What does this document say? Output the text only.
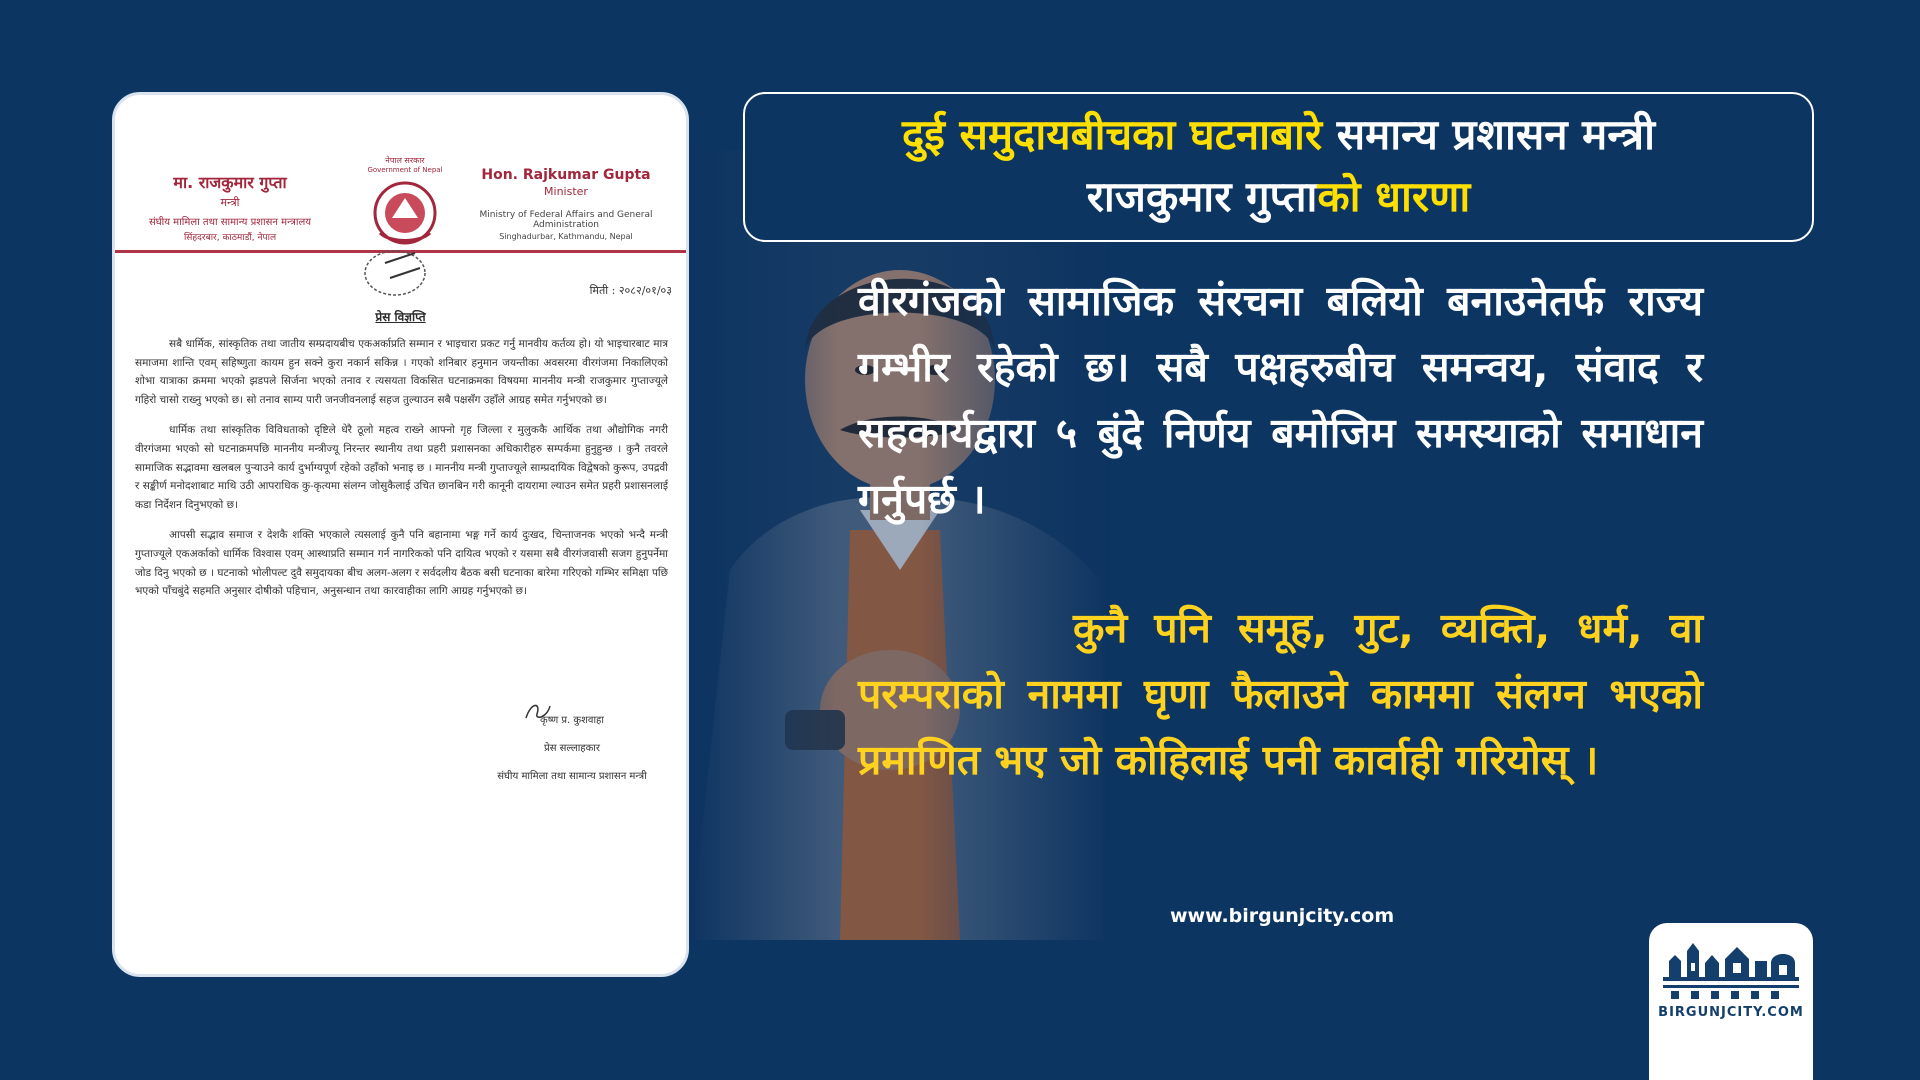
मा. राजकुमार गुप्ता
मन्त्री
संघीय मामिला तथा सामान्य प्रशासन मन्त्रालय
सिंहदरबार, काठमाडौं, नेपाल
नेपाल सरकार
Government of Nepal	Hon. Rajkumar Gupta
Minister
Ministry of Federal Affairs and General Administration
Singhadurbar, Kathmandu, Nepal
मिती : २०८२/०१/०३
प्रेस विज्ञप्ति

सबै धार्मिक, सांस्कृतिक तथा जातीय सम्प्रदायबीच एकअर्काप्रति सम्मान र भाइचारा प्रकट गर्नु मानवीय कर्तव्य हो। यो भाइचारबाट मात्र समाजमा शान्ति एवम् सहिष्णुता कायम हुन सक्ने कुरा नकार्न सकिन्न । गएको शनिबार हनुमान जयन्तीका अवसरमा वीरगंजमा निकालिएको शोभा यात्राका क्रममा भएको झडपले सिर्जना भएको तनाव र त्यसयता विकसित घटनाक्रमका विषयमा माननीय मन्त्री राजकुमार गुप्ताज्यूले गहिरो चासो राख्नु भएको छ। सो तनाव साम्य पारी जनजीवनलाई सहज तुल्याउन सबै पक्षसँग उहाँले आग्रह समेत गर्नुभएको छ।

धार्मिक तथा सांस्कृतिक विविधताको दृष्टिले धेरै ठूलो महत्व राख्ने आफ्नो गृह जिल्ला र मुलुककै आर्थिक तथा औद्योगिक नगरी वीरगंजमा भएको सो घटनाक्रमपछि माननीय मन्त्रीज्यू निरन्तर स्थानीय तथा प्रहरी प्रशासनका अधिकारीहरु सम्पर्कमा हुनुहुन्छ । कुनै तवरले सामाजिक सद्भावमा खलबल पुऱ्याउने कार्य दुर्भाग्यपूर्ण रहेको उहाँको भनाइ छ । माननीय मन्त्री गुप्ताज्यूले साम्प्रदायिक विद्वेषको कुरूप, उपद्रवी र सङ्कीर्ण मनोदशाबाट माथि उठी आपराधिक कु-कृत्यमा संलग्न जोसुकैलाई उचित छानबिन गरी कानूनी दायरामा ल्याउन समेत प्रहरी प्रशासनलाई कडा निर्देशन दिनुभएको छ।

आपसी सद्भाव समाज र देशकै शक्ति भएकाले त्यसलाई कुनै पनि बहानामा भङ्ग गर्ने कार्य दुःखद, चिन्ताजनक भएको भन्दै मन्त्री गुप्ताज्यूले एकअर्काको धार्मिक विश्वास एवम् आस्थाप्रति सम्मान गर्न नागरिकको पनि दायित्व भएको र यसमा सबै वीरगंजवासी सजग हुनुपर्नेमा जोड दिनु भएको छ । घटनाको भोलीपल्ट दुवै समुदायका बीच अलग-अलग र सर्वदलीय बैठक बसी घटनाका बारेमा गरिएको गम्भिर समिक्षा पछि भएको पाँचबुंदे सहमति अनुसार दोषीको पहिचान, अनुसन्धान तथा कारवाहीका लागि आग्रह गर्नुभएको छ।

कृष्ण प्र. कुशवाहा
प्रेस सल्लाहकार
संघीय मामिला तथा सामान्य प्रशासन मन्त्री
दुई समुदायबीचका घटनाबारे समान्य प्रशासन मन्त्री
राजकुमार गुप्ताको धारणा
वीरगंजको सामाजिक संरचना बलियो बनाउनेतर्फ राज्य गम्भीर रहेको छ। सबै पक्षहरुबीच समन्वय, संवाद र सहकार्यद्वारा ५ बुंदे निर्णय बमोजिम समस्याको समाधान गर्नुपर्छ ।
कुनै पनि समूह, गुट, व्यक्ति, धर्म, वा परम्पराको नाममा घृणा फैलाउने काममा संलग्न भएको प्रमाणित भए जो कोहिलाई पनी कार्वाही गरियोस् ।
www.birgunjcity.com
BIRGUNJCITY.COM
